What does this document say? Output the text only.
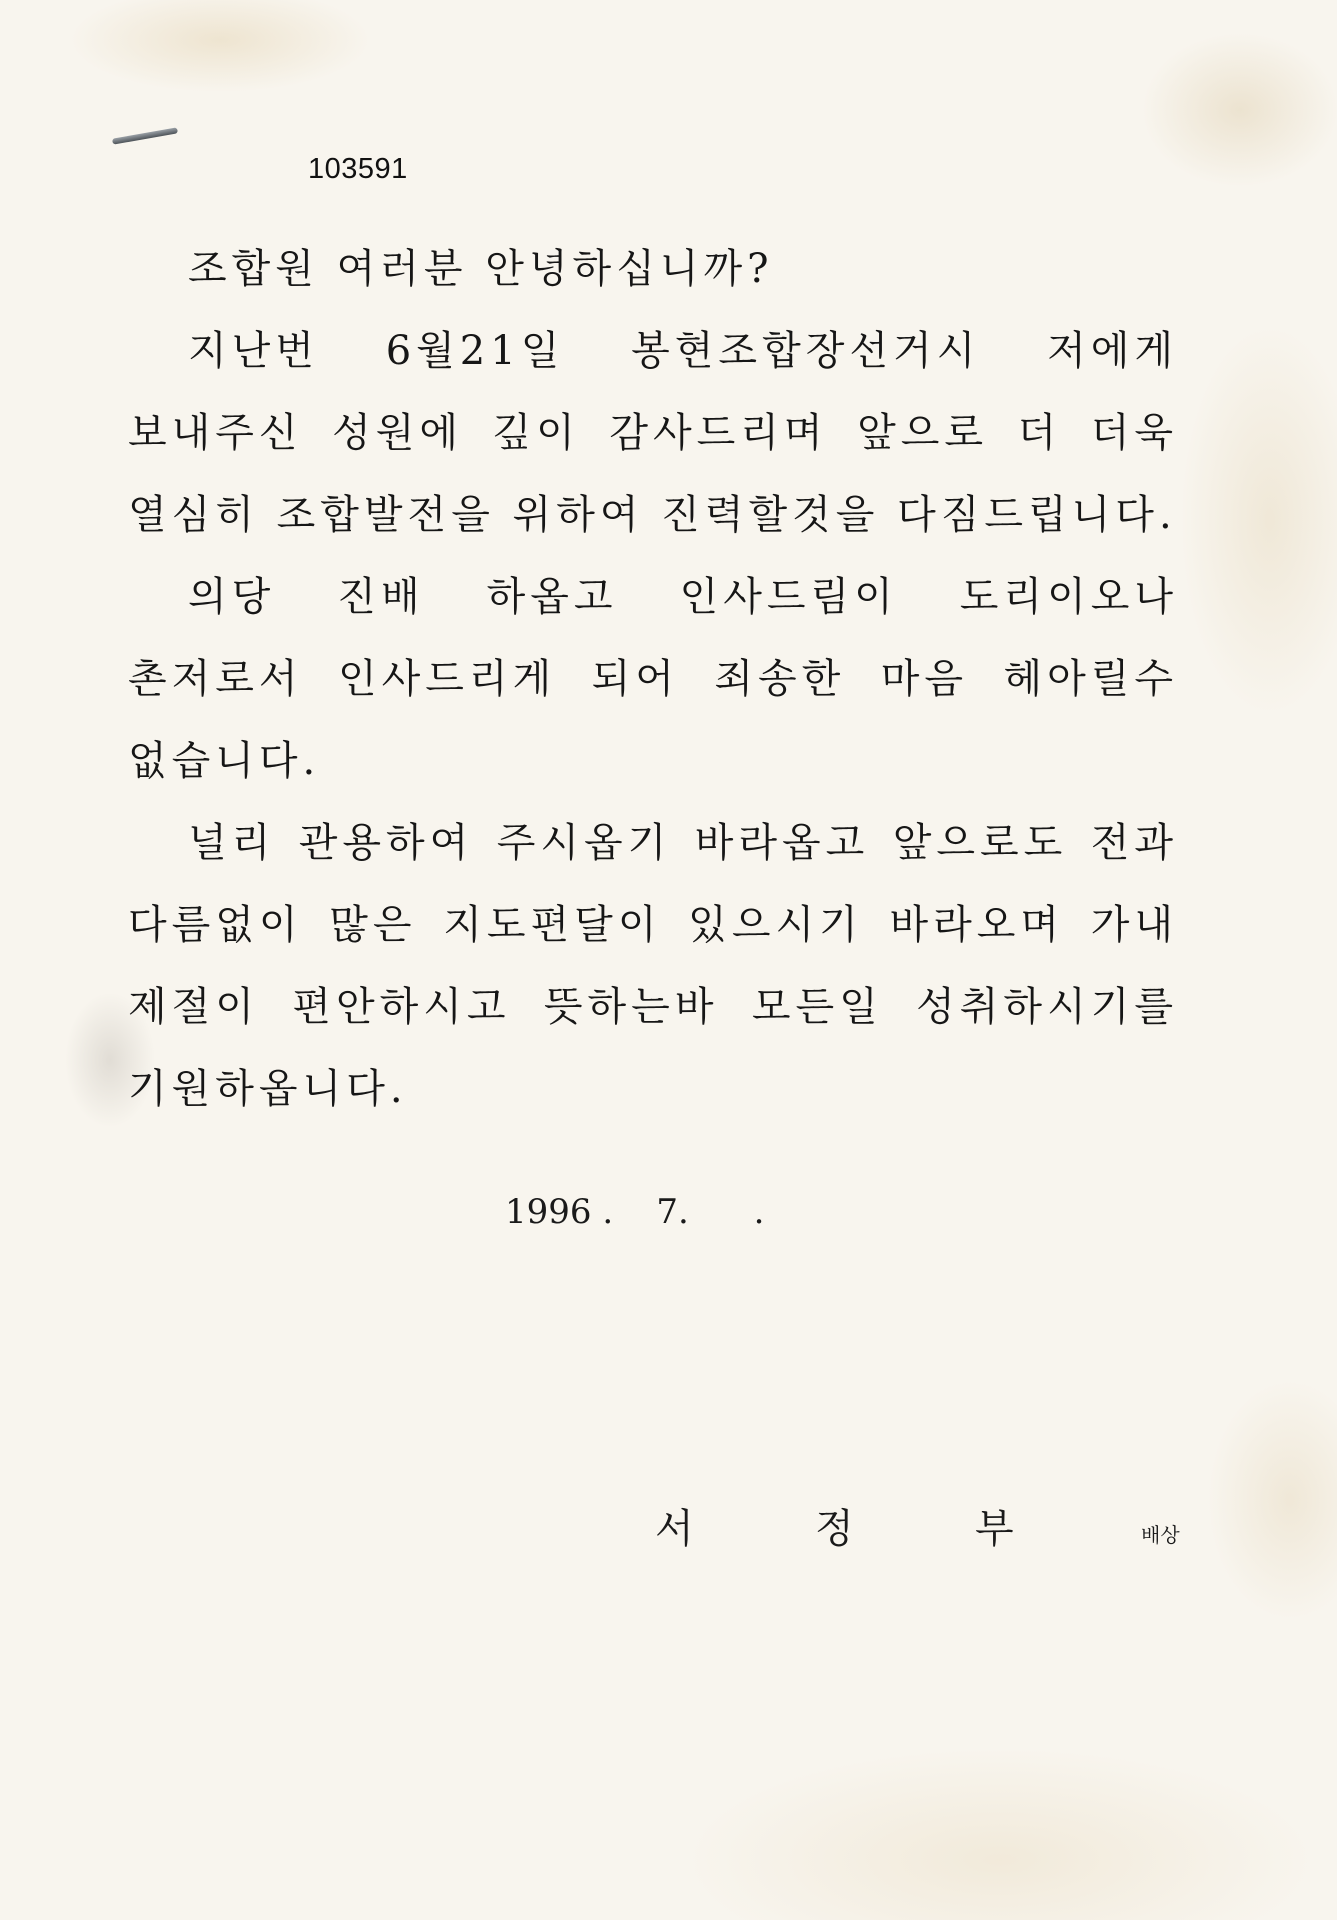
103591

조합원 여러분 안녕하십니까?

지난번 6월21일 봉현조합장선거시 저에게 보내주신 성원에 깊이 감사드리며 앞으로 더 더욱 열심히 조합발전을 위하여 진력할것을 다짐드립니다.

의당 진배 하옵고 인사드림이 도리이오나 촌저로서 인사드리게 되어 죄송한 마음 헤아릴수 없습니다.

널리 관용하여 주시옵기 바라옵고 앞으로도 전과 다름없이 많은 지도편달이 있으시기 바라오며 가내 제절이 편안하시고 뜻하는바 모든일 성취하시기를 기원하옵니다.

1996 .    7.      .
서	정	부	배상
